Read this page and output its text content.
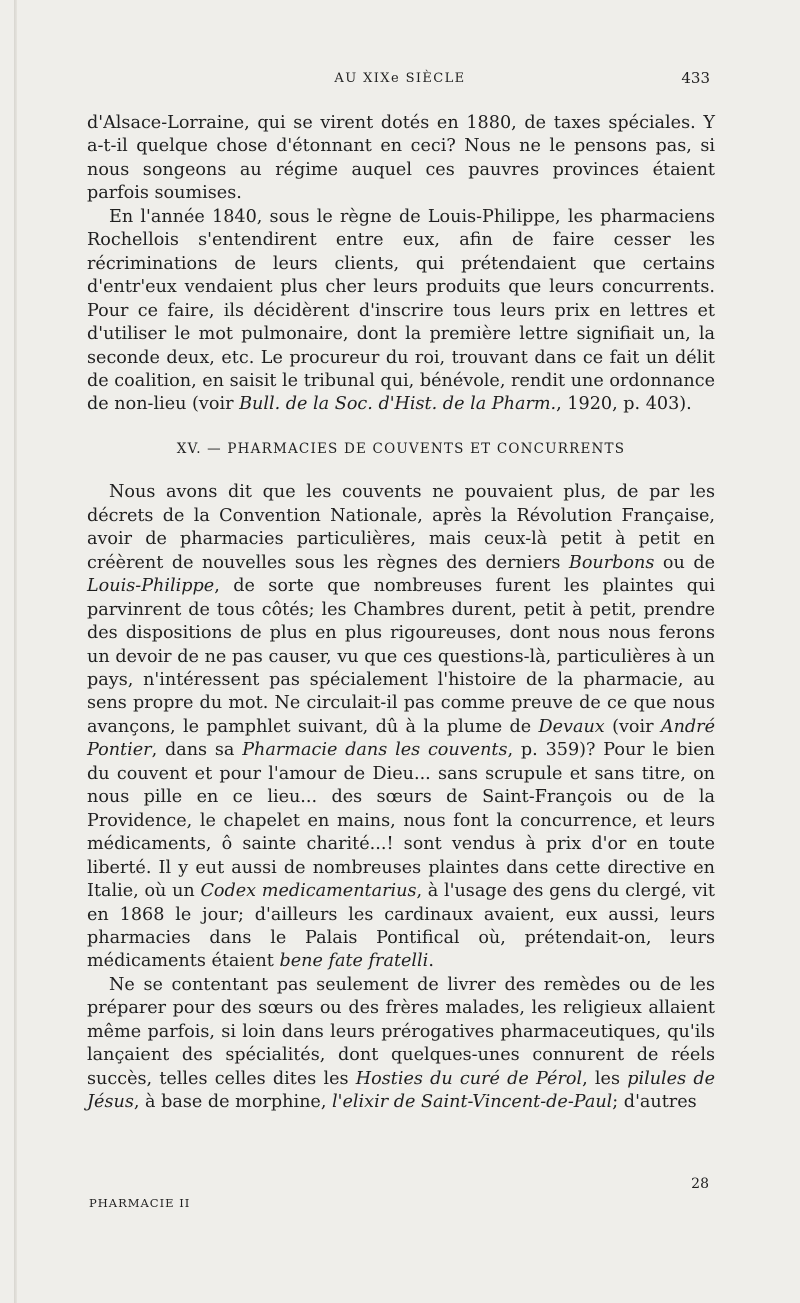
AU XIXe SIÈCLE	433

d'Alsace-Lorraine, qui se virent dotés en 1880, de taxes spéciales. Y a-t-il quelque chose d'étonnant en ceci? Nous ne le pensons pas, si nous songeons au régime auquel ces pauvres provinces étaient parfois soumises.

En l'année 1840, sous le règne de Louis-Philippe, les pharmaciens Rochellois s'entendirent entre eux, afin de faire cesser les récriminations de leurs clients, qui prétendaient que certains d'entr'eux vendaient plus cher leurs produits que leurs concurrents. Pour ce faire, ils décidèrent d'inscrire tous leurs prix en lettres et d'utiliser le mot pulmonaire, dont la première lettre signifiait un, la seconde deux, etc. Le procureur du roi, trouvant dans ce fait un délit de coalition, en saisit le tribunal qui, bénévole, rendit une ordonnance de non-lieu (voir Bull. de la Soc. d'Hist. de la Pharm., 1920, p. 403).

XV. — PHARMACIES DE COUVENTS ET CONCURRENTS

Nous avons dit que les couvents ne pouvaient plus, de par les décrets de la Convention Nationale, après la Révolution Française, avoir de pharmacies particulières, mais ceux-là petit à petit en créèrent de nouvelles sous les règnes des derniers Bourbons ou de Louis-Philippe, de sorte que nombreuses furent les plaintes qui parvinrent de tous côtés; les Chambres durent, petit à petit, prendre des dispositions de plus en plus rigoureuses, dont nous nous ferons un devoir de ne pas causer, vu que ces questions-là, particulières à un pays, n'intéressent pas spécialement l'histoire de la pharmacie, au sens propre du mot. Ne circulait-il pas comme preuve de ce que nous avançons, le pamphlet suivant, dû à la plume de Devaux (voir André Pontier, dans sa Pharmacie dans les couvents, p. 359)? Pour le bien du couvent et pour l'amour de Dieu... sans scrupule et sans titre, on nous pille en ce lieu... des sœurs de Saint-François ou de la Providence, le chapelet en mains, nous font la concurrence, et leurs médicaments, ô sainte charité...! sont vendus à prix d'or en toute liberté. Il y eut aussi de nombreuses plaintes dans cette directive en Italie, où un Codex medicamentarius, à l'usage des gens du clergé, vit en 1868 le jour; d'ailleurs les cardinaux avaient, eux aussi, leurs pharmacies dans le Palais Pontifical où, prétendait-on, leurs médicaments étaient bene fate fratelli.

Ne se contentant pas seulement de livrer des remèdes ou de les préparer pour des sœurs ou des frères malades, les religieux allaient même parfois, si loin dans leurs prérogatives pharmaceutiques, qu'ils lançaient des spécialités, dont quelques-unes connurent de réels succès, telles celles dites les Hosties du curé de Pérol, les pilules de Jésus, à base de morphine, l'elixir de Saint-Vincent-de-Paul; d'autres

28
PHARMACIE II
